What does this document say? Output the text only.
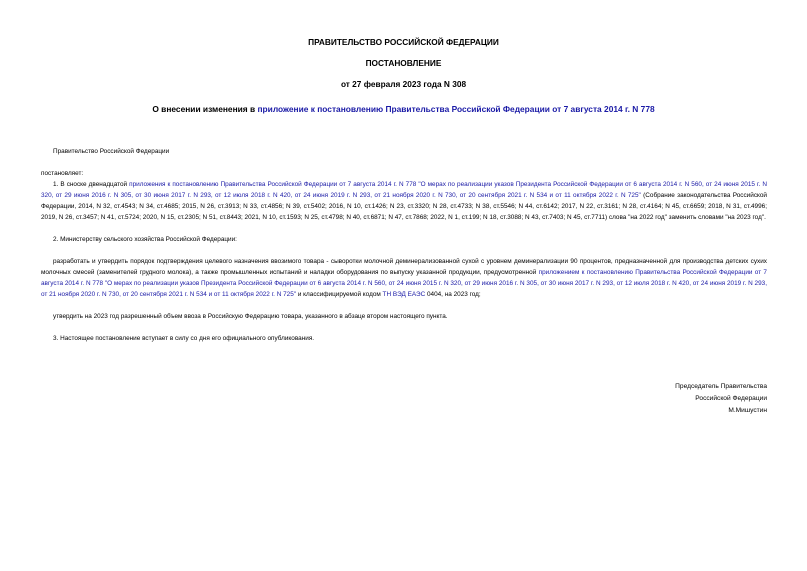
ПРАВИТЕЛЬСТВО РОССИЙСКОЙ ФЕДЕРАЦИИ
ПОСТАНОВЛЕНИЕ
от 27 февраля 2023 года N 308
О внесении изменения в приложение к постановлению Правительства Российской Федерации от 7 августа 2014 г. N 778

Правительство Российской Федерации

постановляет:

1. В сноске двенадцатой приложения к постановлению Правительства Российской Федерации от 7 августа 2014 г. N 778 "О мерах по реализации указов Президента Российской Федерации от 6 августа 2014 г. N 560, от 24 июня 2015 г. N 320, от 29 июня 2016 г. N 305, от 30 июня 2017 г. N 293, от 12 июля 2018 г. N 420, от 24 июня 2019 г. N 293, от 21 ноября 2020 г. N 730, от 20 сентября 2021 г. N 534 и от 11 октября 2022 г. N 725" (Собрание законодательства Российской Федерации, 2014, N 32, ст.4543; N 34, ст.4685; 2015, N 26, ст.3913; N 33, ст.4856; N 39, ст.5402; 2016, N 10, ст.1426; N 23, ст.3320; N 28, ст.4733; N 38, ст.5546; N 44, ст.6142; 2017, N 22, ст.3161; N 28, ст.4164; N 45, ст.6659; 2018, N 31, ст.4996; 2019, N 26, ст.3457; N 41, ст.5724; 2020, N 15, ст.2305; N 51, ст.8443; 2021, N 10, ст.1593; N 25, ст.4798; N 40, ст.6871; N 47, ст.7868; 2022, N 1, ст.199; N 18, ст.3088; N 43, ст.7403; N 45, ст.7711) слова "на 2022 год" заменить словами "на 2023 год".

2. Министерству сельского хозяйства Российской Федерации:

разработать и утвердить порядок подтверждения целевого назначения ввозимого товара - сыворотки молочной деминерализованной сухой с уровнем деминерализации 90 процентов, предназначенной для производства детских сухих молочных смесей (заменителей грудного молока), а также промышленных испытаний и наладки оборудования по выпуску указанной продукции, предусмотренной приложением к постановлению Правительства Российской Федерации от 7 августа 2014 г. N 778 "О мерах по реализации указов Президента Российской Федерации от 6 августа 2014 г. N 560, от 24 июня 2015 г. N 320, от 29 июня 2016 г. N 305, от 30 июня 2017 г. N 293, от 12 июля 2018 г. N 420, от 24 июня 2019 г. N 293, от 21 ноября 2020 г. N 730, от 20 сентября 2021 г. N 534 и от 11 октября 2022 г. N 725" и классифицируемой кодом ТН ВЭД ЕАЭС 0404, на 2023 год;

утвердить на 2023 год разрешенный объем ввоза в Российскую Федерацию товара, указанного в абзаце втором настоящего пункта.

3. Настоящее постановление вступает в силу со дня его официального опубликования.

Председатель Правительства
Российской Федерации
М.Мишустин
